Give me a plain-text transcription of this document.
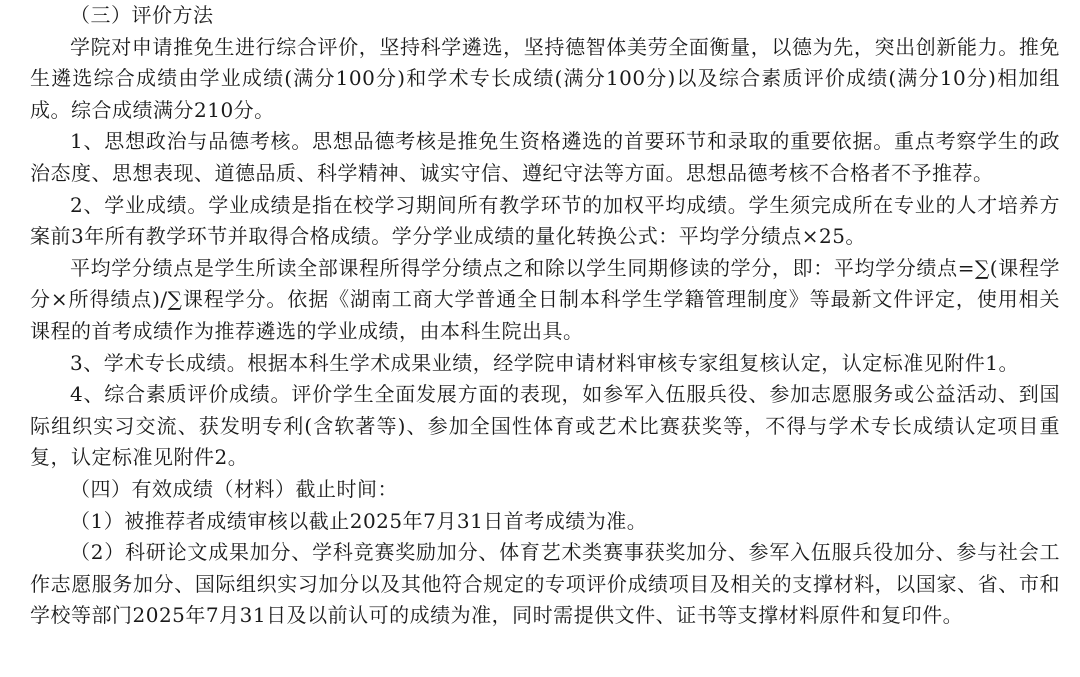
（三）评价方法

学院对申请推免生进行综合评价，坚持科学遴选，坚持德智体美劳全面衡量，以德为先，突出创新能力。推免生遴选综合成绩由学业成绩(满分100分)和学术专长成绩(满分100分)以及综合素质评价成绩(满分10分)相加组成。综合成绩满分210分。

1、思想政治与品德考核。思想品德考核是推免生资格遴选的首要环节和录取的重要依据。重点考察学生的政治态度、思想表现、道德品质、科学精神、诚实守信、遵纪守法等方面。思想品德考核不合格者不予推荐。

2、学业成绩。学业成绩是指在校学习期间所有教学环节的加权平均成绩。学生须完成所在专业的人才培养方案前3年所有教学环节并取得合格成绩。学分学业成绩的量化转换公式：平均学分绩点×25。

平均学分绩点是学生所读全部课程所得学分绩点之和除以学生同期修读的学分，即：平均学分绩点=∑(课程学分×所得绩点)/∑课程学分。依据《湖南工商大学普通全日制本科学生学籍管理制度》等最新文件评定，使用相关课程的首考成绩作为推荐遴选的学业成绩，由本科生院出具。

3、学术专长成绩。根据本科生学术成果业绩，经学院申请材料审核专家组复核认定，认定标准见附件1。

4、综合素质评价成绩。评价学生全面发展方面的表现，如参军入伍服兵役、参加志愿服务或公益活动、到国际组织实习交流、获发明专利(含软著等)、参加全国性体育或艺术比赛获奖等，不得与学术专长成绩认定项目重复，认定标准见附件2。

（四）有效成绩（材料）截止时间：

（1）被推荐者成绩审核以截止2025年7月31日首考成绩为准。

（2）科研论文成果加分、学科竞赛奖励加分、体育艺术类赛事获奖加分、参军入伍服兵役加分、参与社会工作志愿服务加分、国际组织实习加分以及其他符合规定的专项评价成绩项目及相关的支撑材料，以国家、省、市和学校等部门2025年7月31日及以前认可的成绩为准，同时需提供文件、证书等支撑材料原件和复印件。
